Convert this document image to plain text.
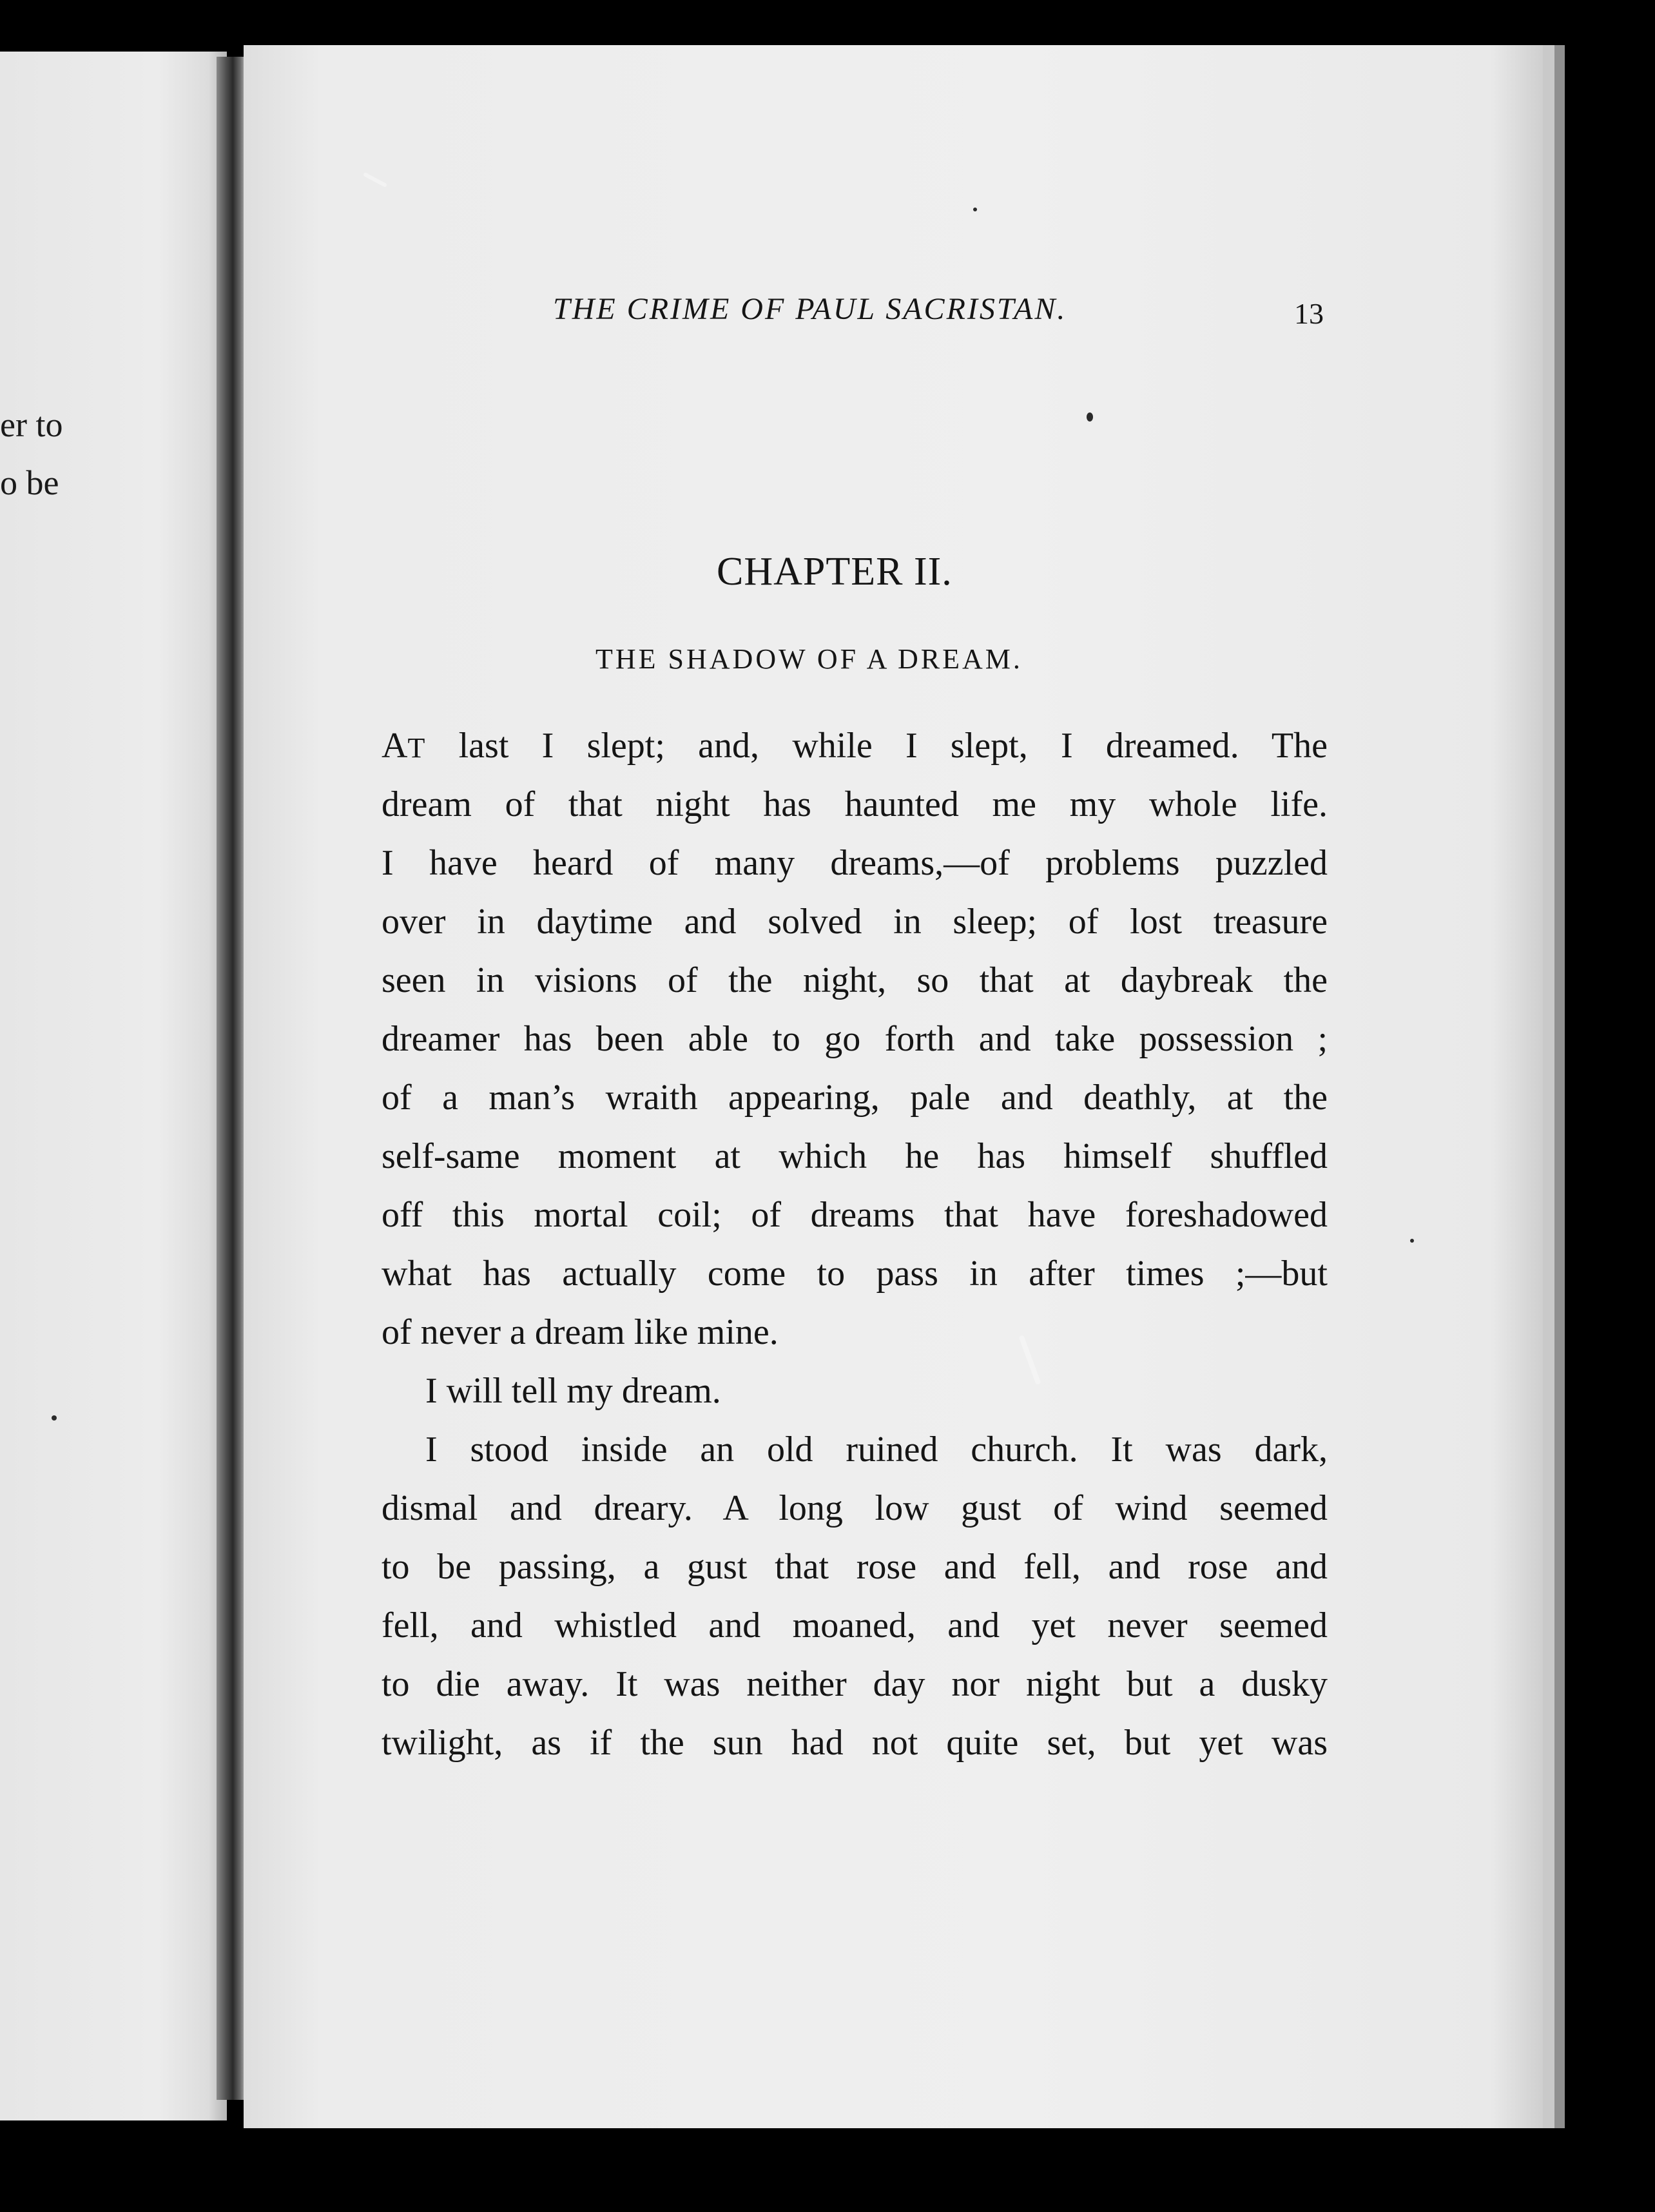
er to
o be
THE CRIME OF PAUL SACRISTAN.	13
CHAPTER II.
THE SHADOW OF A DREAM.
AT last I slept; and, while I slept, I dreamed. The
dream of that night has haunted me my whole life.
I have heard of many dreams,—of problems puzzled
over in daytime and solved in sleep; of lost treasure
seen in visions of the night, so that at daybreak the
dreamer has been able to go forth and take possession ;
of a man’s wraith appearing, pale and deathly, at the
self-same moment at which he has himself shuffled
off this mortal coil; of dreams that have foreshadowed
what has actually come to pass in after times ;—but
of never a dream like mine.
I will tell my dream.
I stood inside an old ruined church. It was dark,
dismal and dreary. A long low gust of wind seemed
to be passing, a gust that rose and fell, and rose and
fell, and whistled and moaned, and yet never seemed
to die away. It was neither day nor night but a dusky
twilight, as if the sun had not quite set, but yet was
